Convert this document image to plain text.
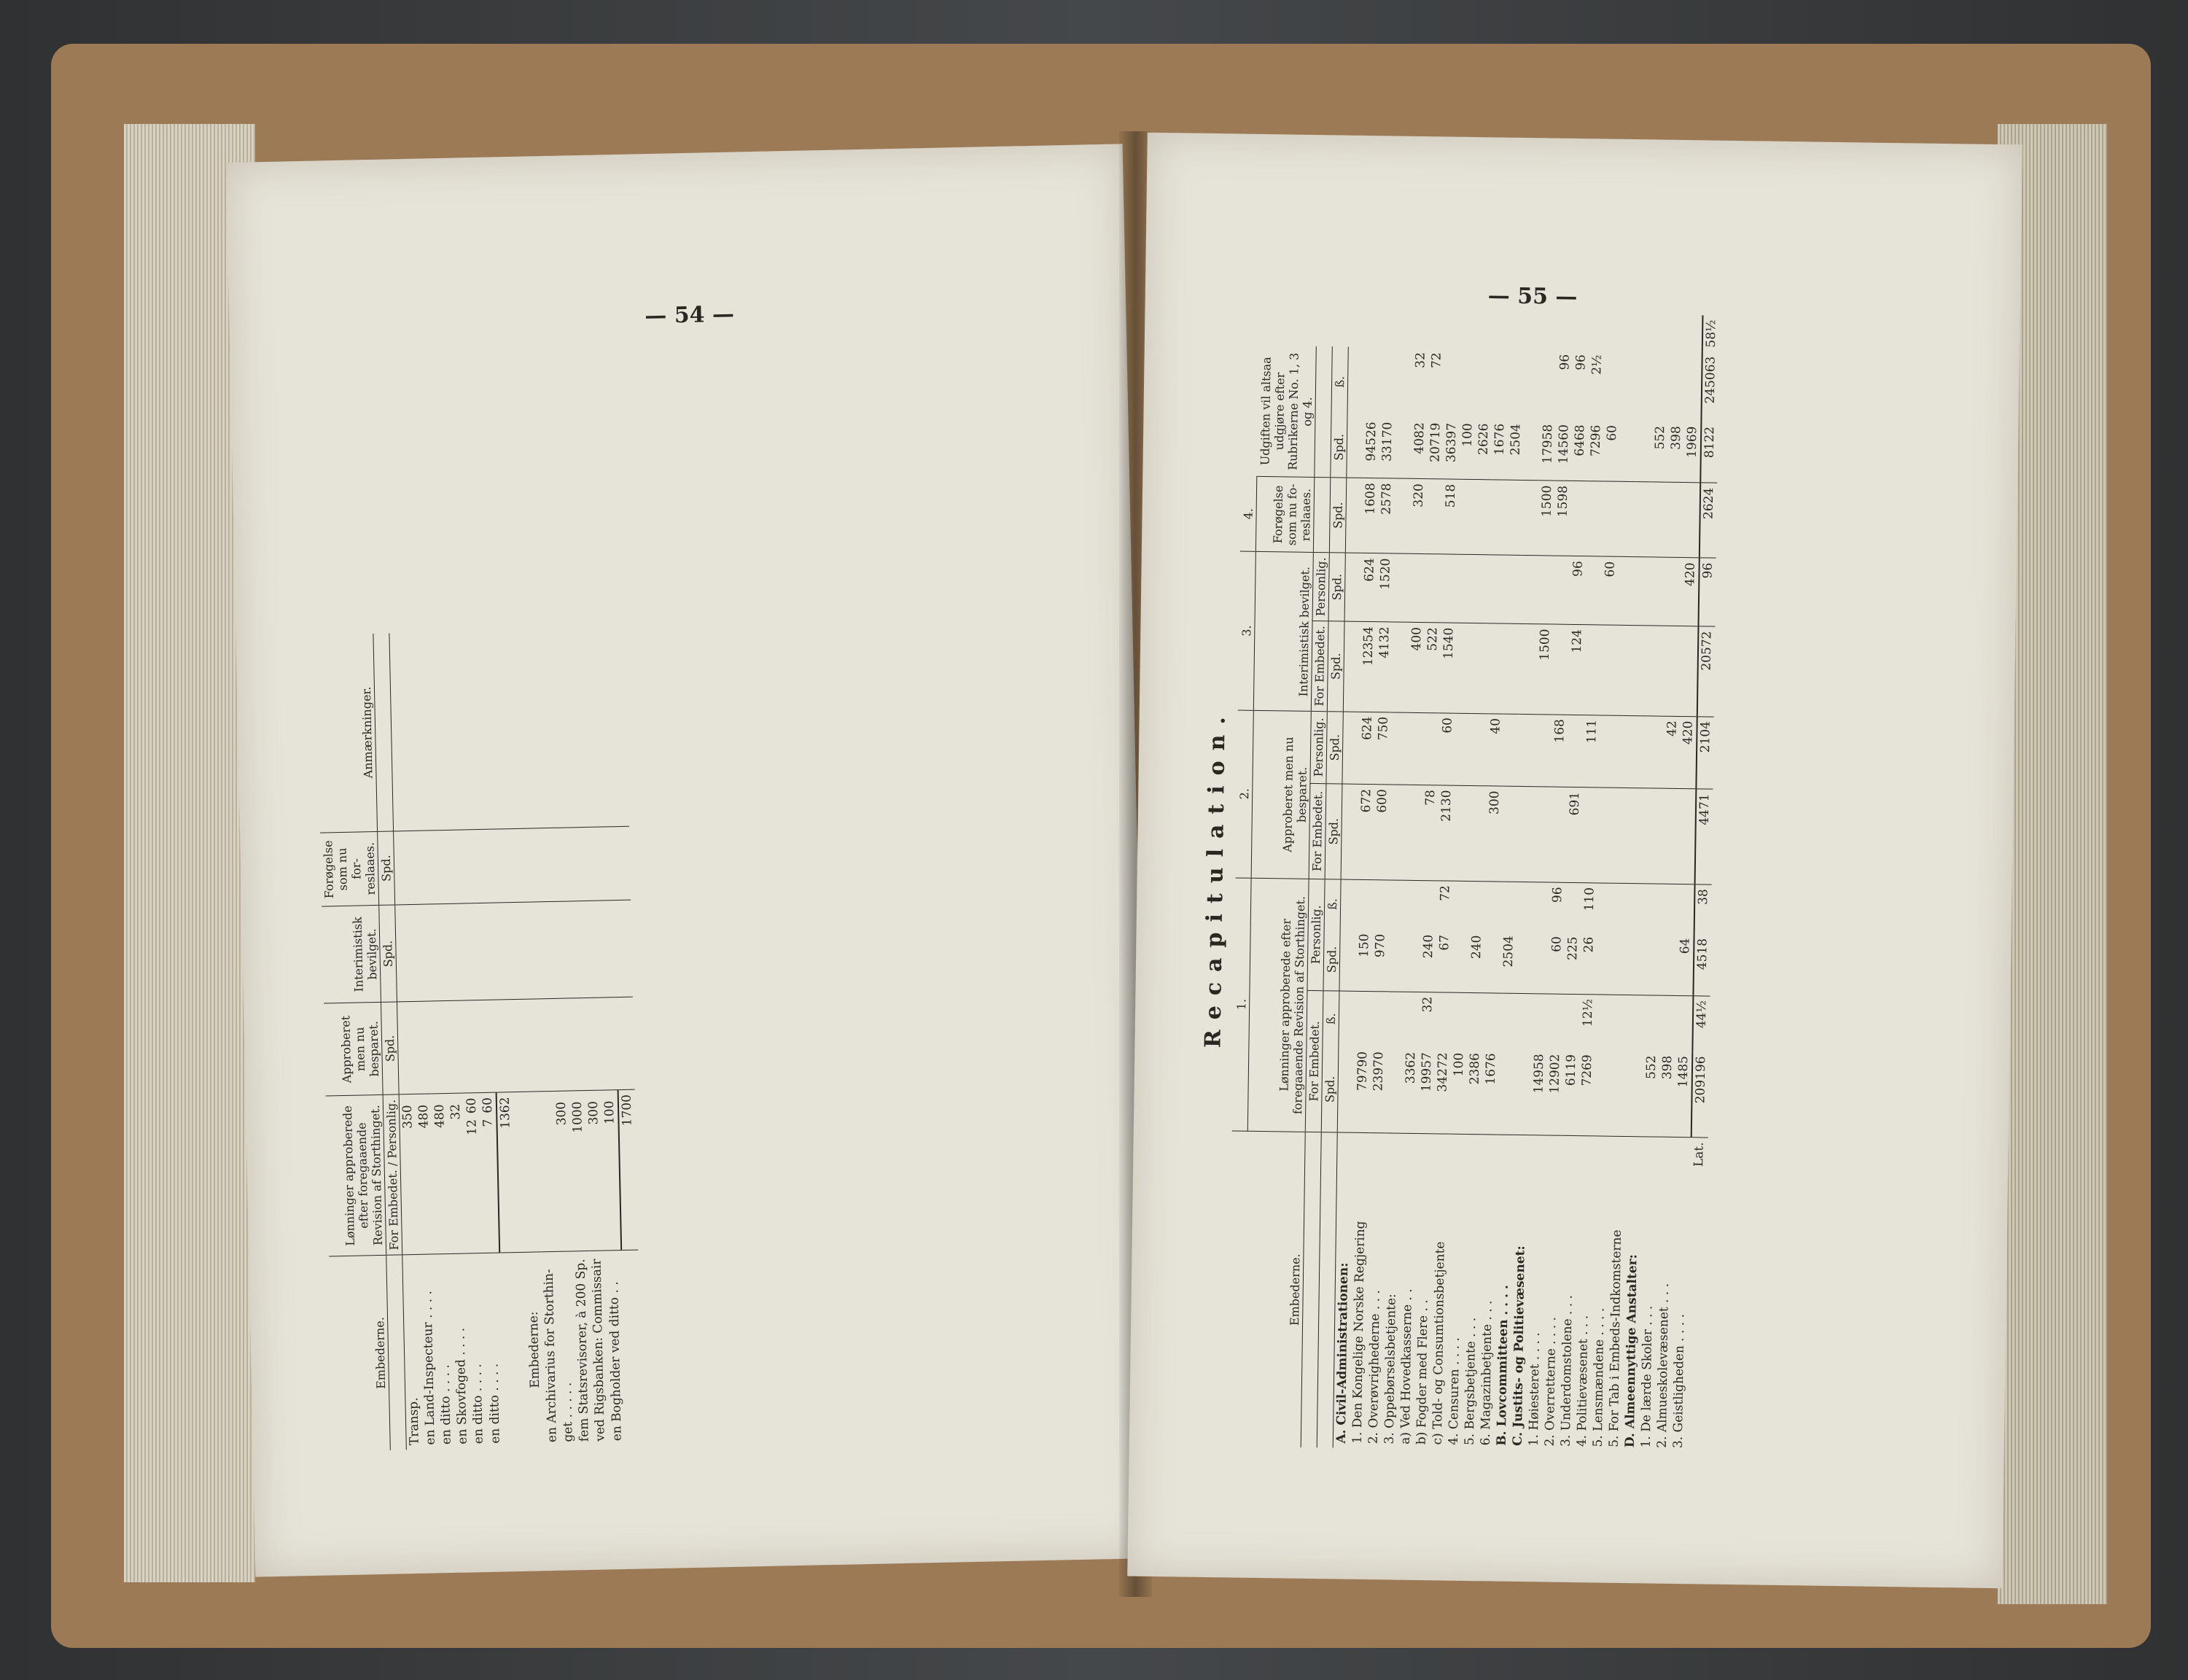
— 54 —
Embederne.	Lønninger approberede efter foregaaende Revision af Storthinget.	Approberet men nu besparet.	Interimistisk bevilget.	Forøgelse som nu for- reslaaes.	Anmærkninger.
	For Embedet. / Personlig.	Spd.	Spd.	Spd.	
Transp.	350				
en Land-Inspecteur . . . .	480				
en ditto . . . .	480				
en Skovfoged . . . .	32				
en ditto . . . .	1260				
en ditto . . . .	760				
	1362				
Embederne:					
en Archivarius for Storthin-					
get . . . . .	300				
fem Statsrevisorer, à 200 Sp.	1000				
ved Rigsbanken: Commissair	300				
en Bogholder ved ditto . .	100				
	1700				
— 55 —
Recapitulation.
	1.				2.		3.		4.			
Embederne.	Lønninger approberede efter foregaaende Revision af Storthinget.				Approberet men nu besparet.		Interimistisk bevilget.		Forøgelse som nu fo- reslaaes.	Udgiften vil altsaa udgjøre efter Rubrikerne No. 1, 3 og 4.		
	For Embedet.		Personlig.		For Embedet.	Personlig.	For Embedet.	Personlig.				
	Spd.	ß.	Spd.	ß.	Spd.	Spd.	Spd.	Spd.	Spd.	Spd.	ß.	
A. Civil-Administrationen:												
1. Den Kongelige Norske Regjering	79790		150		672	624	12354	624	1608	94526		
2. Overøvrighederne . . .	23970		970		600	750	4132	1520	2578	33170		
3. Oppebørselsbetjente:												
a) Ved Hovedkasserne . .	3362						400		320	4082	32	
b) Fogder med Flere . .	19957	32	240		78		522			20719	72	
c) Told- og Consumtionsbetjente	34272		67	72	2130	60	1540		518	36397		
4. Censuren . . . .	100									100		
5. Bergsbetjente . . .	2386		240							2626		
6. Magazinbetjente . . .	1676				300	40				1676		
B. Lovcommitteen . . . .			2504							2504		
C. Justits- og Politievæsenet:												
1. Høiesteret . . . .	14958						1500		1500	17958		
2. Overretterne . . . .	12902		60	96		168			1598	14560	96	
3. Underdomstolene . . .	6119		225		691		124	96		6468	96	
4. Politievæsenet . . .	7269	12½	26	110		111				7296	2½	
5. Lensmændene . . . .								60		60		
5. For Tab i Embeds-Indkomsterne												
D. Almeennyttige Anstalter:												
1. De lærde Skoler . . .	552									552		
2. Almueskolevæsenet . . .	398					42				398		
3. Geistligheden . . . .	1485		64			420		420		1969		
Lat.	209196	44½	4518	38	4471	2104	20572	96	2624	8122	245063	58½
